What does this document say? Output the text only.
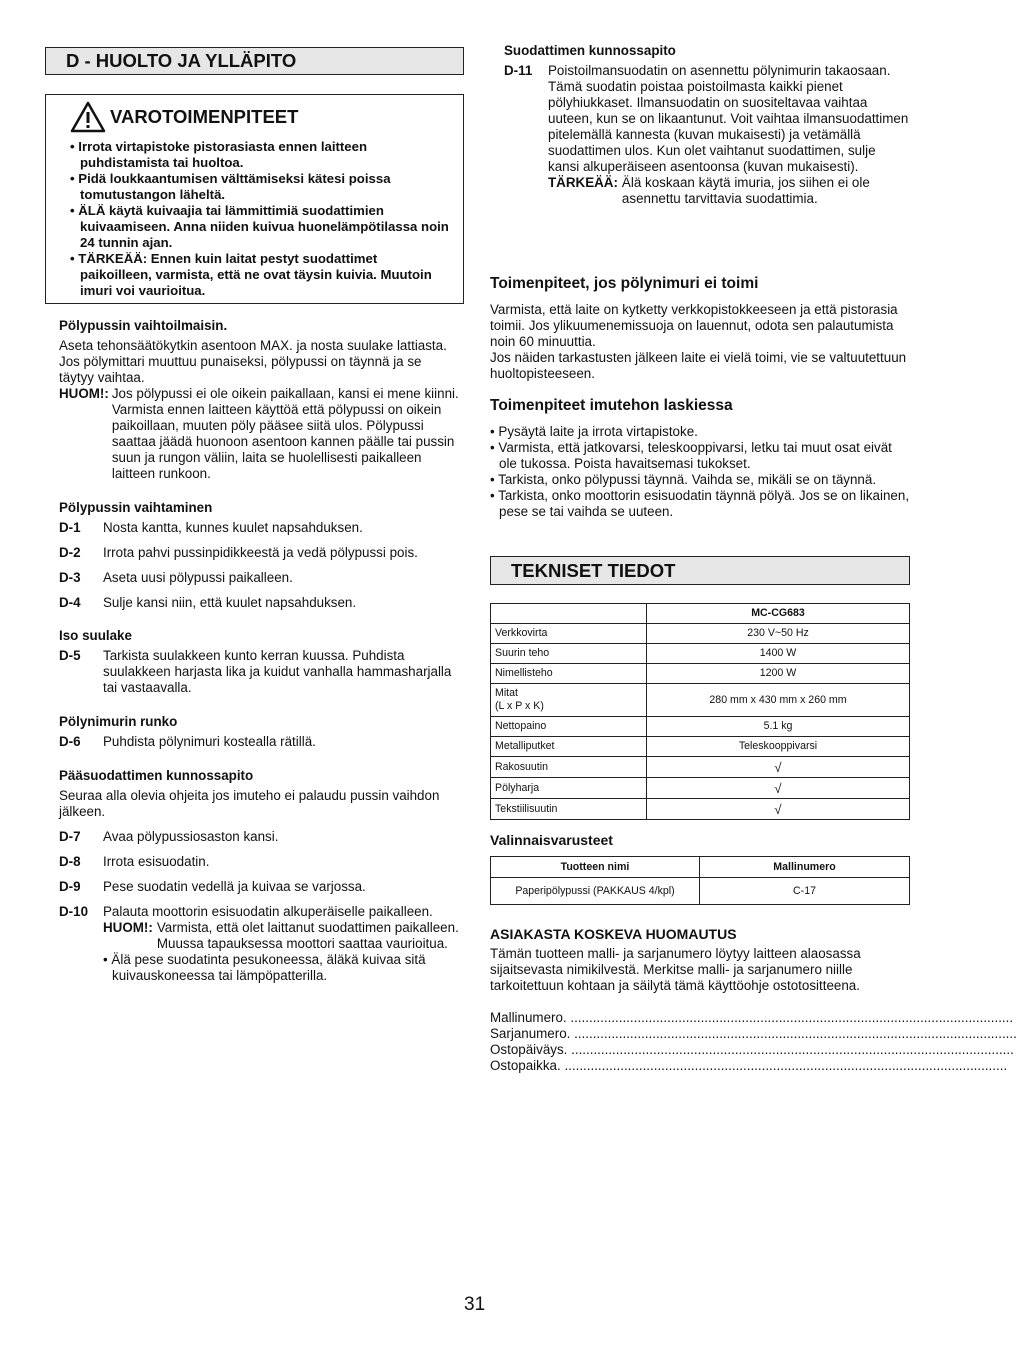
D - HUOLTO JA YLLÄPITO
VAROTOIMENPITEET
• Irrota virtapistoke pistorasiasta ennen laitteen puhdistamista tai huoltoa.
• Pidä loukkaantumisen välttämiseksi kätesi poissa tomutustangon läheltä.
• ÄLÄ käytä kuivaajia tai lämmittimiä suodattimien kuivaamiseen. Anna niiden kuivua huonelämpötilassa noin 24 tunnin ajan.
• TÄRKEÄÄ: Ennen kuin laitat pestyt suodattimet paikoilleen, varmista, että ne ovat täysin kuivia. Muutoin imuri voi vaurioitua.
Pölypussin vaihtoilmaisin.
Aseta tehonsäätökytkin asentoon MAX. ja nosta suulake lattiasta. Jos pölymittari muuttuu punaiseksi, pölypussi on täynnä ja se täytyy vaihtaa.
HUOM!: Jos pölypussi ei ole oikein paikallaan, kansi ei mene kiinni. Varmista ennen laitteen käyttöä että pölypussi on oikein paikoillaan, muuten pöly pääsee siitä ulos. Pölypussi saattaa jäädä huonoon asentoon kannen päälle tai pussin suun ja rungon väliin, laita se huolellisesti paikalleen laitteen runkoon.
Pölypussin vaihtaminen
D-1	Nosta kantta, kunnes kuulet napsahduksen.
D-2	Irrota pahvi pussinpidikkeestä ja vedä pölypussi pois.
D-3	Aseta uusi pölypussi paikalleen.
D-4	Sulje kansi niin, että kuulet napsahduksen.
Iso suulake
D-5	Tarkista suulakkeen kunto kerran kuussa. Puhdista suulakkeen harjasta lika ja kuidut vanhalla hammasharjalla tai vastaavalla.
Pölynimurin runko
D-6	Puhdista pölynimuri kostealla rätillä.
Pääsuodattimen kunnossapito
Seuraa alla olevia ohjeita jos imuteho ei palaudu pussin vaihdon jälkeen.
D-7	Avaa pölypussiosaston kansi.
D-8	Irrota esisuodatin.
D-9	Pese suodatin vedellä ja kuivaa se varjossa.
D-10	Palauta moottorin esisuodatin alkuperäiselle paikalleen.
HUOM!: Varmista, että olet laittanut suodattimen paikalleen. Muussa tapauksessa moottori saattaa vaurioitua.
• Älä pese suodatinta pesukoneessa, äläkä kuivaa sitä kuivauskoneessa tai lämpöpatterilla.
Suodattimen kunnossapito
D-11	Poistoilmansuodatin on asennettu pölynimurin takaosaan. Tämä suodatin poistaa poistoilmasta kaikki pienet pölyhiukkaset. Ilmansuodatin on suositeltavaa vaihtaa uuteen, kun se on likaantunut. Voit vaihtaa ilmansuodattimen pitelemällä kannesta (kuvan mukaisesti) ja vetämällä suodattimen ulos. Kun olet vaihtanut suodattimen, sulje kansi alkuperäiseen asentoonsa (kuvan mukaisesti).
TÄRKEÄÄ: Älä koskaan käytä imuria, jos siihen ei ole asennettu tarvittavia suodattimia.
Toimenpiteet, jos pölynimuri ei toimi
Varmista, että laite on kytketty verkkopistokkeeseen ja että pistorasia toimii. Jos ylikuumenemissuoja on lauennut, odota sen palautumista noin 60 minuuttia.
Jos näiden tarkastusten jälkeen laite ei vielä toimi, vie se valtuutettuun huoltopisteeseen.
Toimenpiteet imutehon laskiessa
• Pysäytä laite ja irrota virtapistoke.
• Varmista, että jatkovarsi, teleskooppivarsi, letku tai muut osat eivät ole tukossa. Poista havaitsemasi tukokset.
• Tarkista, onko pölypussi täynnä. Vaihda se, mikäli se on täynnä.
• Tarkista, onko moottorin esisuodatin täynnä pölyä. Jos se on likainen, pese se tai vaihda se uuteen.
TEKNISET TIEDOT
	MC-CG683
Verkkovirta	230 V~50 Hz
Suurin teho	1400 W
Nimellisteho	1200 W

Mitat
(L x P x K)	280 mm x 430 mm x 260 mm
Nettopaino	5.1 kg
Metalliputket	Teleskooppivarsi
Rakosuutin	√
Pölyharja	√
Tekstiilisuutin	√
Valinnaisvarusteet
Tuotteen nimi	Mallinumero
Paperipölypussi (PAKKAUS 4/kpl)	C-17
ASIAKASTA KOSKEVA HUOMAUTUS
Tämän tuotteen malli- ja sarjanumero löytyy laitteen alaosassa sijaitsevasta nimikilvestä. Merkitse malli- ja sarjanumero niille tarkoitettuun kohtaan ja säilytä tämä käyttöohje ostotositteena.
Mallinumero. .......................................................................................................................
Sarjanumero. .......................................................................................................................
Ostopäiväys. .......................................................................................................................
Ostopaikka. .......................................................................................................................
31
